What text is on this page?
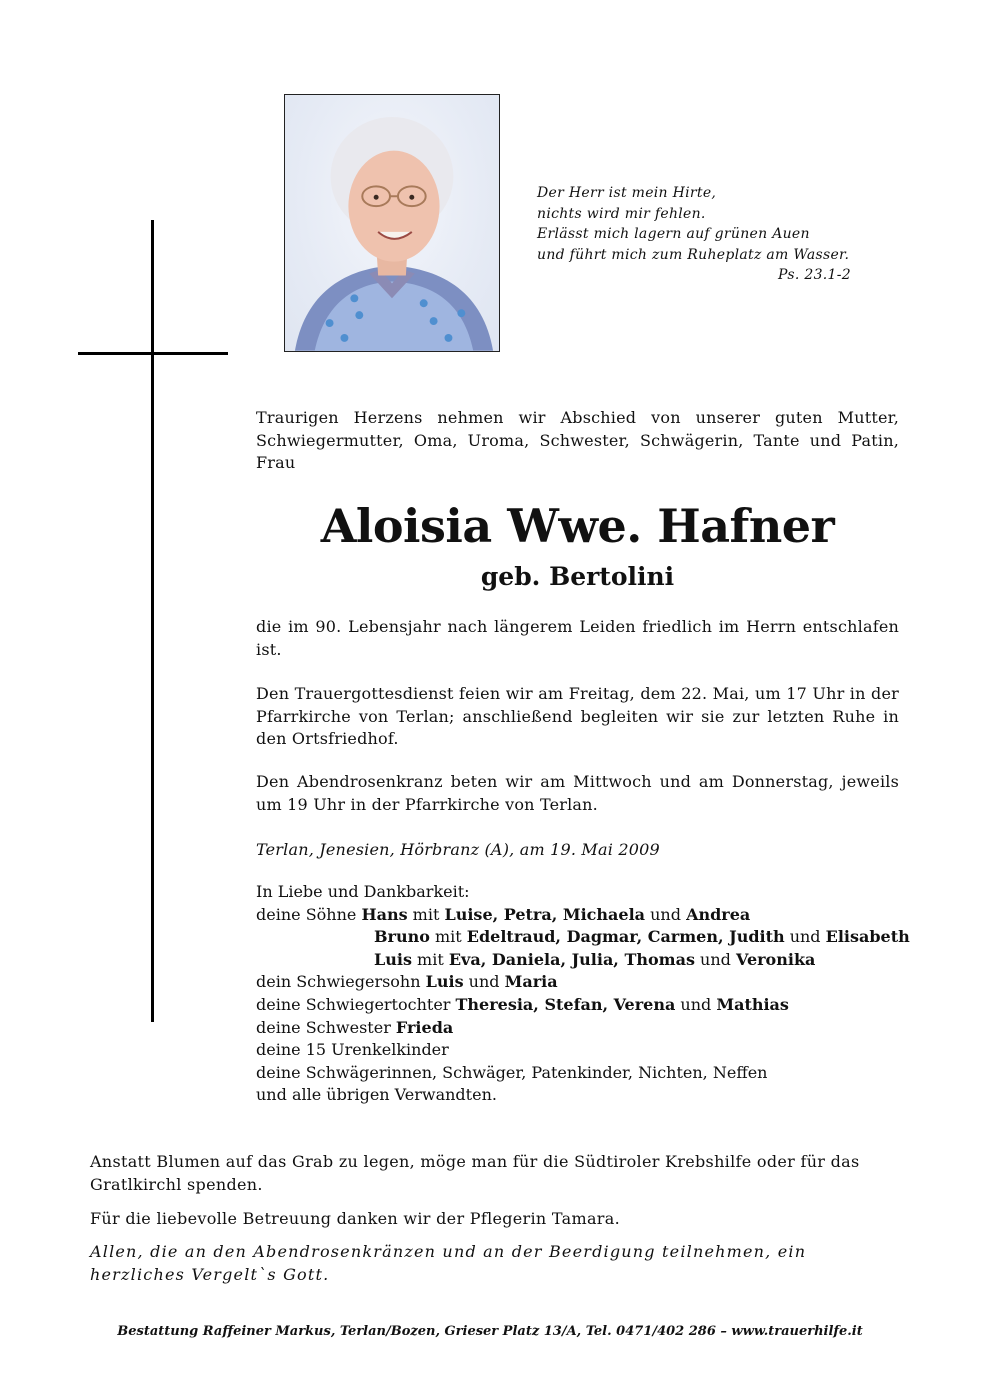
Der Herr ist mein Hirte,
nichts wird mir fehlen.
Erlässt mich lagern auf grünen Auen
und führt mich zum Ruheplatz am Wasser.
Ps. 23.1-2
Traurigen Herzens nehmen wir Abschied von unserer guten Mutter, Schwiegermutter, Oma, Uroma, Schwester, Schwägerin, Tante und Patin, Frau
Aloisia Wwe. Hafner
geb. Bertolini
die im 90. Lebensjahr nach längerem Leiden friedlich im Herrn entschlafen ist.
Den Trauergottesdienst feien wir am Freitag, dem 22. Mai, um 17 Uhr in der Pfarrkirche von Terlan; anschließend begleiten wir sie zur letzten Ruhe in den Ortsfriedhof.
Den Abendrosenkranz beten wir am Mittwoch und am Donnerstag, jeweils um 19 Uhr in der Pfarrkirche von Terlan.
Terlan, Jenesien, Hörbranz (A), am 19. Mai 2009
In Liebe und Dankbarkeit:
deine Söhne Hans mit Luise, Petra, Michaela und Andrea
Bruno mit Edeltraud, Dagmar, Carmen, Judith und Elisabeth
Luis mit Eva, Daniela, Julia, Thomas und Veronika
dein Schwiegersohn Luis und Maria
deine Schwiegertochter Theresia, Stefan, Verena und Mathias
deine Schwester Frieda
deine 15 Urenkelkinder
deine Schwägerinnen, Schwäger, Patenkinder, Nichten, Neffen
und alle übrigen Verwandten.
Anstatt Blumen auf das Grab zu legen, möge man für die Südtiroler Krebshilfe oder für das Gratlkirchl spenden.
Für die liebevolle Betreuung danken wir der Pflegerin Tamara.
Allen, die an den Abendrosenkränzen und an der Beerdigung teilnehmen, ein herzliches Vergelt`s Gott.
Bestattung Raffeiner Markus, Terlan/Bozen, Grieser Platz 13/A, Tel. 0471/402 286 – www.trauerhilfe.it
